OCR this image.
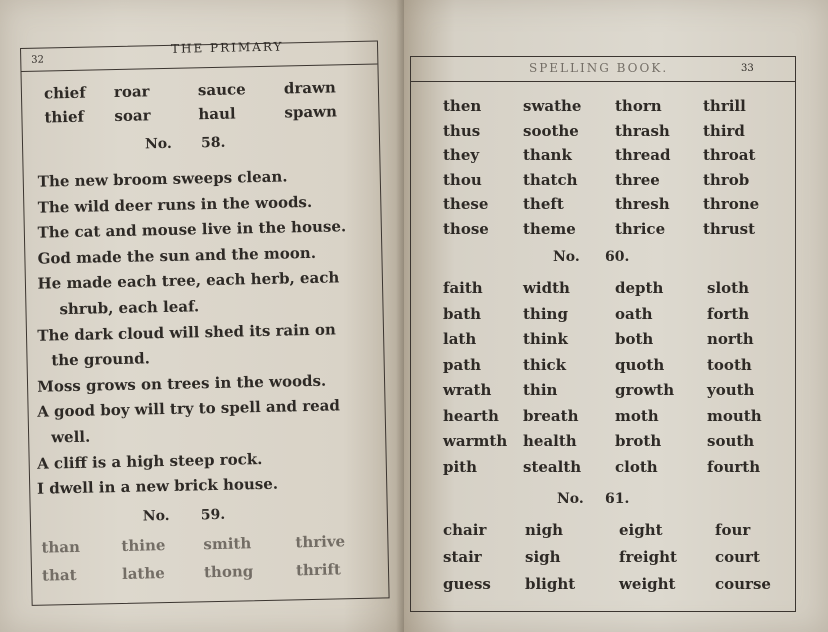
32
THE PRIMARY
chief roar	sauce	drawn
thief soar	haul	spawn
No. 58.
The new broom sweeps clean.
The wild deer runs in the woods.
The cat and mouse live in the house.
God made the sun and the moon.
He made each tree, each herb, each
shrub, each leaf.
The dark cloud will shed its rain on
the ground.
Moss grows on trees in the woods.
A good boy will try to spell and read
well.
A cliff is a high steep rock.
I dwell in a new brick house.
No. 59.
than	thine	smith	thrive
that	lathe	thong	thrift
SPELLING BOOK.	33
then	swathe thorn	thrill
thus	soothe thrash third
they	thank	thread throat
thou	thatch three	throb
these theft	thresh throne
those theme	thrice	thrust
No. 60.
faith	width	depth	sloth
bath	thing	oath	forth
lath	think	both	north
path	thick	quoth	tooth
wrath thin	growth youth
hearth breath moth	mouth
warmth health	broth	south
pith	stealth cloth	fourth
No. 61.
chair	nigh	eight	four
stair	sigh	freight	court
guess blight	weight	course
